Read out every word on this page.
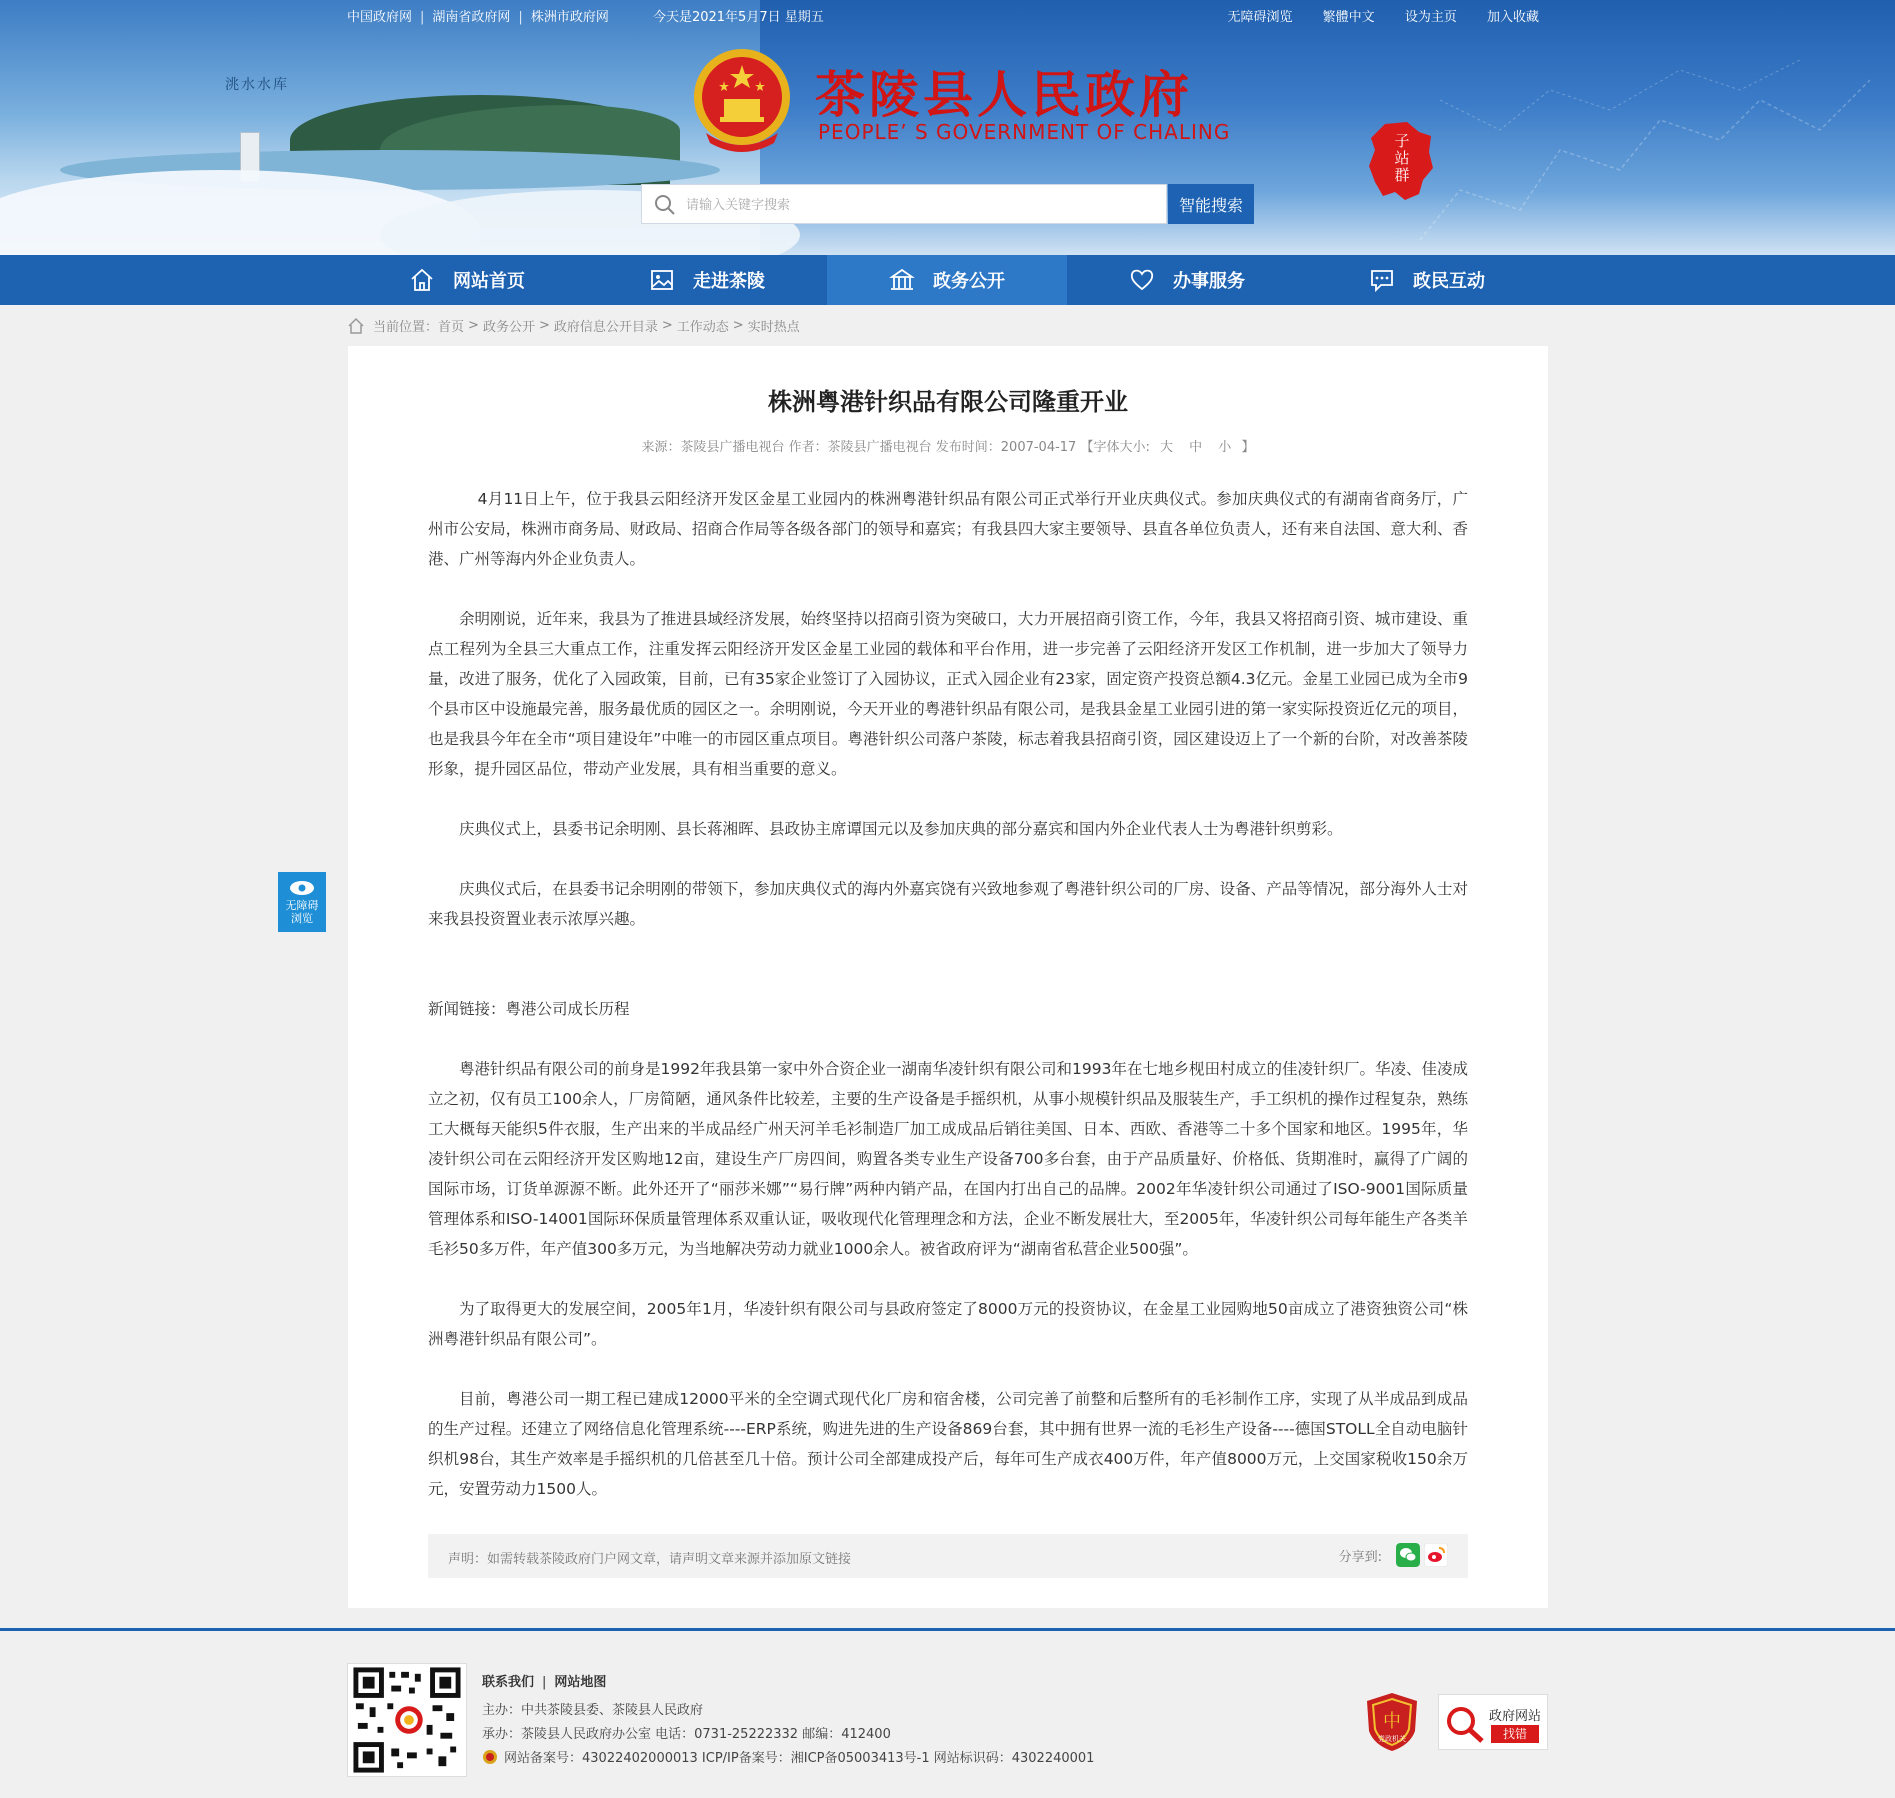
洮水水库
中国政府网 | 湖南省政府网 | 株洲市政府网	今天是2021年5月7日 星期五	无障碍浏览 繁體中文 设为主页 加入收藏
茶陵县人民政府
PEOPLE’ S GOVERNMENT OF CHALING	子站群
请输入关键字搜索
智能搜索
网站首页	走进茶陵	政务公开	办事服务	政民互动
当前位置： 首页 > 政务公开 > 政府信息公开目录 > 工作动态 > 实时热点
株洲粤港针织品有限公司隆重开业
来源：茶陵县广播电视台 作者：茶陵县广播电视台 发布时间：2007-04-17 【字体大小: 大 中 小 】

4月11日上午，位于我县云阳经济开发区金星工业园内的株洲粤港针织品有限公司正式举行开业庆典仪式。参加庆典仪式的有湖南省商务厅，广州市公安局，株洲市商务局、财政局、招商合作局等各级各部门的领导和嘉宾；有我县四大家主要领导、县直各单位负责人，还有来自法国、意大利、香港、广州等海内外企业负责人。

余明刚说，近年来，我县为了推进县域经济发展，始终坚持以招商引资为突破口，大力开展招商引资工作，今年，我县又将招商引资、城市建设、重点工程列为全县三大重点工作，注重发挥云阳经济开发区金星工业园的载体和平台作用，进一步完善了云阳经济开发区工作机制，进一步加大了领导力量，改进了服务，优化了入园政策，目前，已有35家企业签订了入园协议，正式入园企业有23家，固定资产投资总额4.3亿元。金星工业园已成为全市9个县市区中设施最完善，服务最优质的园区之一。余明刚说，今天开业的粤港针织品有限公司，是我县金星工业园引进的第一家实际投资近亿元的项目，也是我县今年在全市“项目建设年”中唯一的市园区重点项目。粤港针织公司落户茶陵，标志着我县招商引资，园区建设迈上了一个新的台阶，对改善茶陵形象，提升园区品位，带动产业发展，具有相当重要的意义。

庆典仪式上，县委书记余明刚、县长蒋湘晖、县政协主席谭国元以及参加庆典的部分嘉宾和国内外企业代表人士为粤港针织剪彩。

庆典仪式后，在县委书记余明刚的带领下，参加庆典仪式的海内外嘉宾饶有兴致地参观了粤港针织公司的厂房、设备、产品等情况，部分海外人士对来我县投资置业表示浓厚兴趣。

新闻链接：粤港公司成长历程

粤港针织品有限公司的前身是1992年我县第一家中外合资企业一湖南华凌针织有限公司和1993年在七地乡枧田村成立的佳凌针织厂。华凌、佳凌成立之初，仅有员工100余人，厂房简陋，通风条件比较差，主要的生产设备是手摇织机，从事小规模针织品及服装生产，手工织机的操作过程复杂，熟练工大概每天能织5件衣服，生产出来的半成品经广州天河羊毛衫制造厂加工成成品后销往美国、日本、西欧、香港等二十多个国家和地区。1995年，华凌针织公司在云阳经济开发区购地12亩，建设生产厂房四间，购置各类专业生产设备700多台套，由于产品质量好、价格低、货期准时，赢得了广阔的国际市场，订货单源源不断。此外还开了“丽莎米娜”“易行牌”两种内销产品，在国内打出自己的品牌。2002年华凌针织公司通过了ISO-9001国际质量管理体系和ISO-14001国际环保质量管理体系双重认证，吸收现代化管理理念和方法，企业不断发展壮大，至2005年，华凌针织公司每年能生产各类羊毛衫50多万件，年产值300多万元，为当地解决劳动力就业1000余人。被省政府评为“湖南省私营企业500强”。

为了取得更大的发展空间，2005年1月，华凌针织有限公司与县政府签定了8000万元的投资协议，在金星工业园购地50亩成立了港资独资公司“株洲粤港针织品有限公司”。

目前，粤港公司一期工程已建成12000平米的全空调式现代化厂房和宿舍楼，公司完善了前整和后整所有的毛衫制作工序，实现了从半成品到成品的生产过程。还建立了网络信息化管理系统----ERP系统，购进先进的生产设备869台套，其中拥有世界一流的毛衫生产设备----德国STOLL全自动电脑针织机98台，其生产效率是手摇织机的几倍甚至几十倍。预计公司全部建成投产后，每年可生产成衣400万件，年产值8000万元，上交国家税收150余万元，安置劳动力1500人。

声明：如需转载茶陵政府门户网文章，请声明文章来源并添加原文链接	分享到:
无障碍浏览
联系我们 | 网站地图
主办：中共茶陵县委、茶陵县人民政府
承办：茶陵县人民政府办公室 电话：0731-25222332 邮编：412400
网站备案号：43022402000013 ICP/IP备案号：湘ICP备05003413号-1 网站标识码：4302240001
中
党政机关
政府网站
找错
